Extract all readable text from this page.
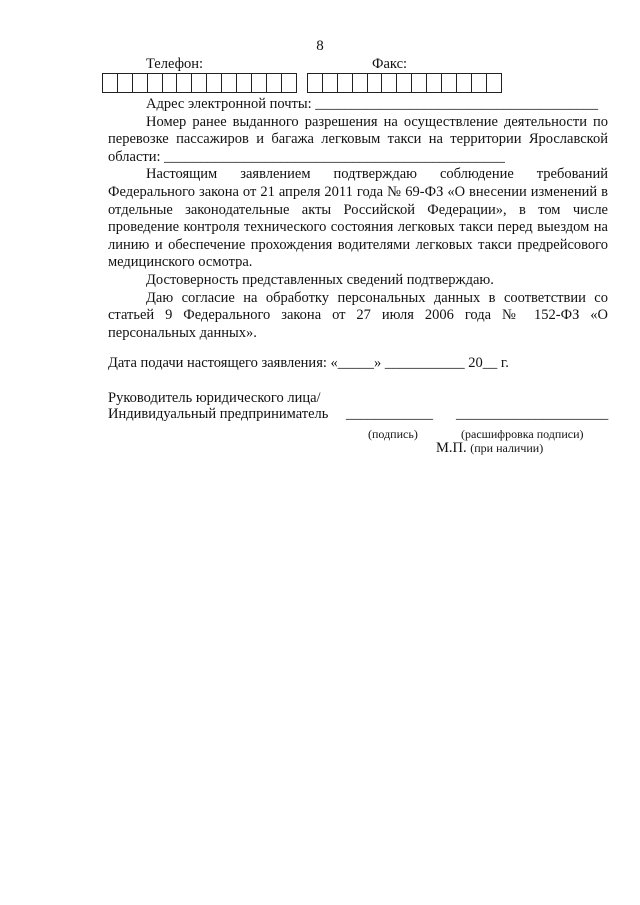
8
Телефон:	Факс:

Адрес электронной почты: _______________________________________

Номер ранее выданного разрешения на осуществление деятельности по перевозке пассажиров и багажа легковым такси на территории Ярославской области: _______________________________________________

Настоящим заявлением подтверждаю соблюдение требований Федерального закона от 21 апреля 2011 года № 69-ФЗ «О внесении изменений в отдельные законодательные акты Российской Федерации», в том числе проведение контроля технического состояния легковых такси перед выездом на линию и обеспечение прохождения водителями легковых такси предрейсового медицинского осмотра.

Достоверность представленных сведений подтверждаю.

Даю согласие на обработку персональных данных в соответствии со статьей 9 Федерального закона от 27 июля 2006 года № 152-ФЗ «О персональных данных».

Дата подачи настоящего заявления: «_____» ___________ 20__ г.
Руководитель юридического лица/
Индивидуальный предприниматель ____________ _____________________
(подпись)	(расшифровка подписи)
М.П. (при наличии)
